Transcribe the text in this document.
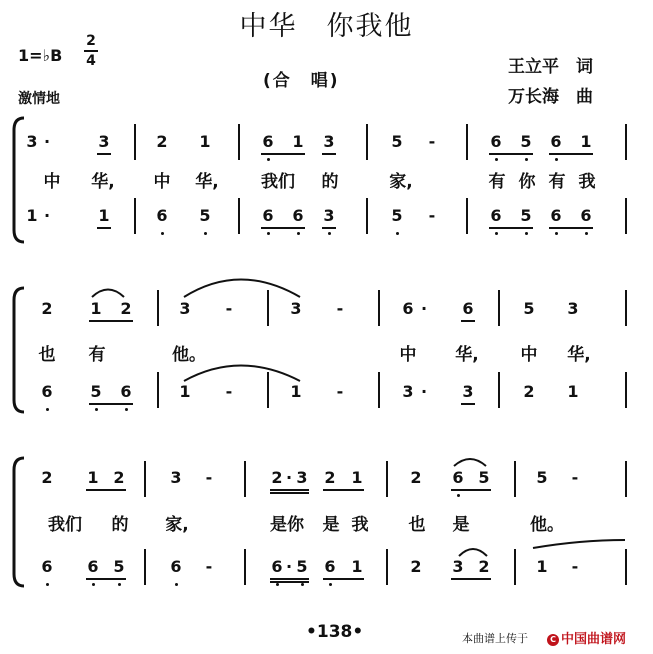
中华　你我他
1=♭B
2
4
激情地
(合　唱)
王立平　词
万长海　曲
3 ·	3	2 1	6 1 3	5 -	6 5 6 1
中 华, 中 华, 我们 的	家,	有 你 有 我
1 ·	1	6 5	6 6 3	5 -	6 5 6 6
2 1 2	3 -	3 -	6 · 6	5 3
也 有	他。	中 华, 中 华,
6 5 6	1 -	1 -	3 · 3	2 1
2 1 2	3 -	2 · 3 2 1	2 6 5	5 -
我们	的 家,	是你 是 我 也 是	他。
6 6 5	6 -	6 · 5 6 1	2 3 2	1 -
•138•	本曲谱上传于	C 中国曲谱网
